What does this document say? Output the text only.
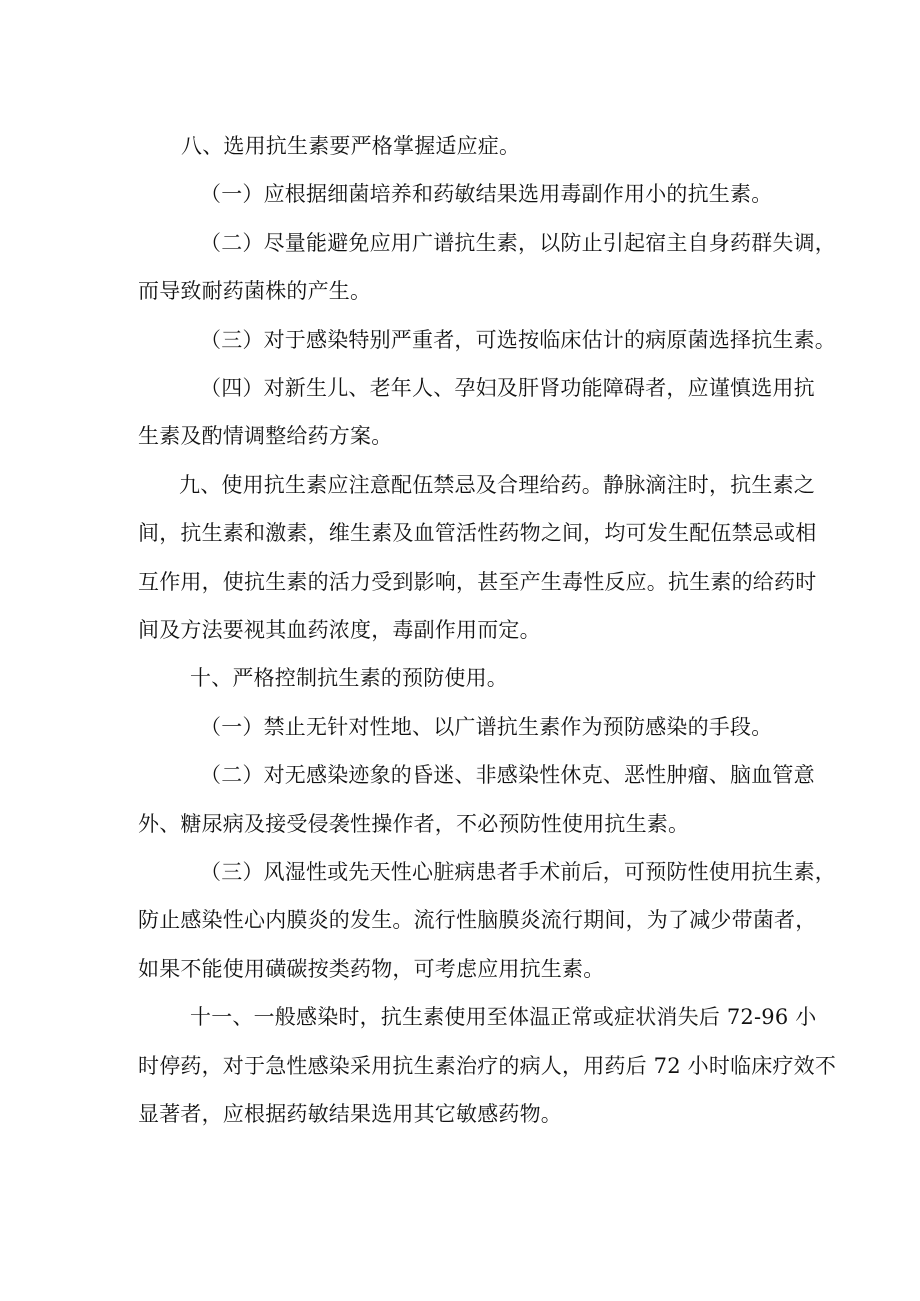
八、选用抗生素要严格掌握适应症。
（一）应根据细菌培养和药敏结果选用毒副作用小的抗生素。
（二）尽量能避免应用广谱抗生素，以防止引起宿主自身药群失调，
而导致耐药菌株的产生。
（三）对于感染特别严重者，可选按临床估计的病原菌选择抗生素。
（四）对新生儿、老年人、孕妇及肝肾功能障碍者，应谨慎选用抗
生素及酌情调整给药方案。
九、使用抗生素应注意配伍禁忌及合理给药。静脉滴注时，抗生素之
间，抗生素和激素，维生素及血管活性药物之间，均可发生配伍禁忌或相
互作用，使抗生素的活力受到影响，甚至产生毒性反应。抗生素的给药时
间及方法要视其血药浓度，毒副作用而定。
十、严格控制抗生素的预防使用。
（一）禁止无针对性地、以广谱抗生素作为预防感染的手段。
（二）对无感染迹象的昏迷、非感染性休克、恶性肿瘤、脑血管意
外、糖尿病及接受侵袭性操作者，不必预防性使用抗生素。
（三）风湿性或先天性心脏病患者手术前后，可预防性使用抗生素，
防止感染性心内膜炎的发生。流行性脑膜炎流行期间，为了减少带菌者，
如果不能使用磺碳按类药物，可考虑应用抗生素。
十一、一般感染时，抗生素使用至体温正常或症状消失后 72-96 小
时停药，对于急性感染采用抗生素治疗的病人，用药后 72 小时临床疗效不
显著者，应根据药敏结果选用其它敏感药物。
